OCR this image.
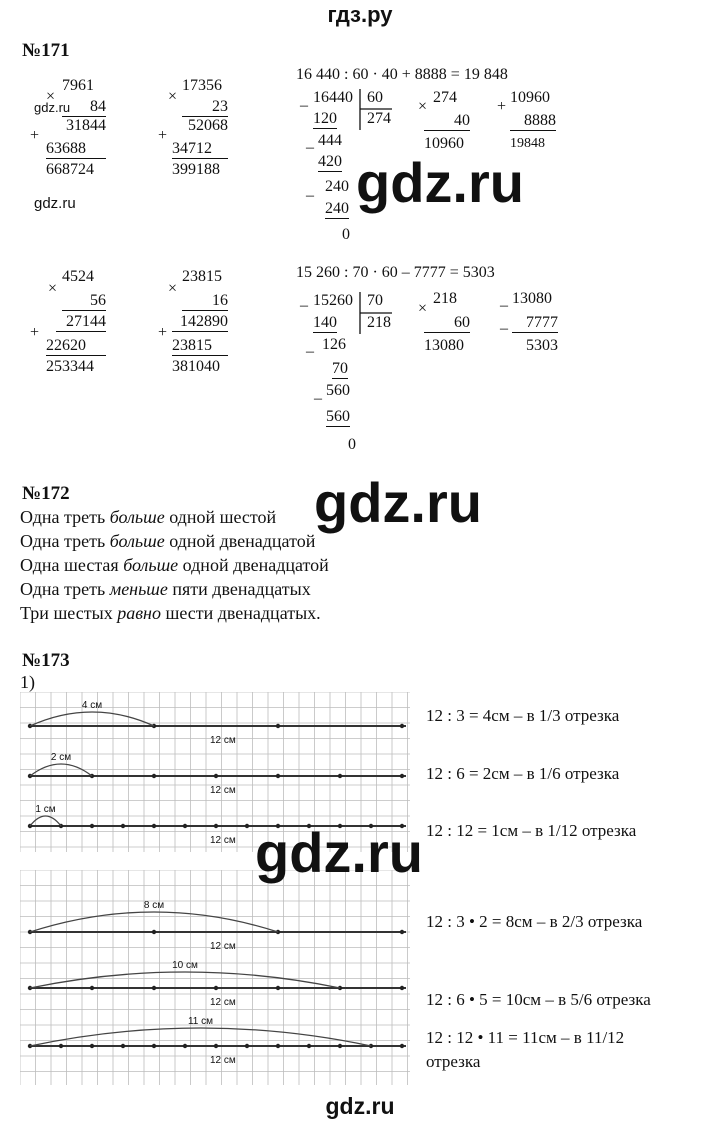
гдз.ру
№171
×
7961
84
+
31844
63688
668724
×
17356
23
+
52068
34712
399188
gdz.ru
gdz.ru
16 440 : 60 · 40 + 8888 = 19 848
– 16440 60
274
120
– 444
420
–
240
240
0
×
274
40
10960
+
10960
8888
19848
gdz.ru
×
4524
56
+
27144
22620
253344
×
23815
16
+
142890
23815
381040
15 260 : 70 · 60 – 7777 = 5303
– 15260 70
218
140
– 126
70
– 560
560
0
×
218
60
13080
– 13080
–	7777
5303
№172
Одна треть больше одной шестой
Одна треть больше одной двенадцатой
Одна шестая больше одной двенадцатой
Одна треть меньше пяти двенадцатых
Три шестых равно шести двенадцатых.
gdz.ru
№173
1)
4 см
12 см
2 см
12 см
1 см
12 см
8 см
12 см
10 см
12 см
11 см
12 см
12 : 3 = 4см – в 1/3 отрезка
12 : 6 = 2см – в 1/6 отрезка
12 : 12 = 1см – в 1/12 отрезка
gdz.ru
12 : 3 • 2 = 8см – в 2/3 отрезка
12 : 6 • 5 = 10см – в 5/6 отрезка
12 : 12 • 11 = 11см – в 11/12
отрезка
gdz.ru
